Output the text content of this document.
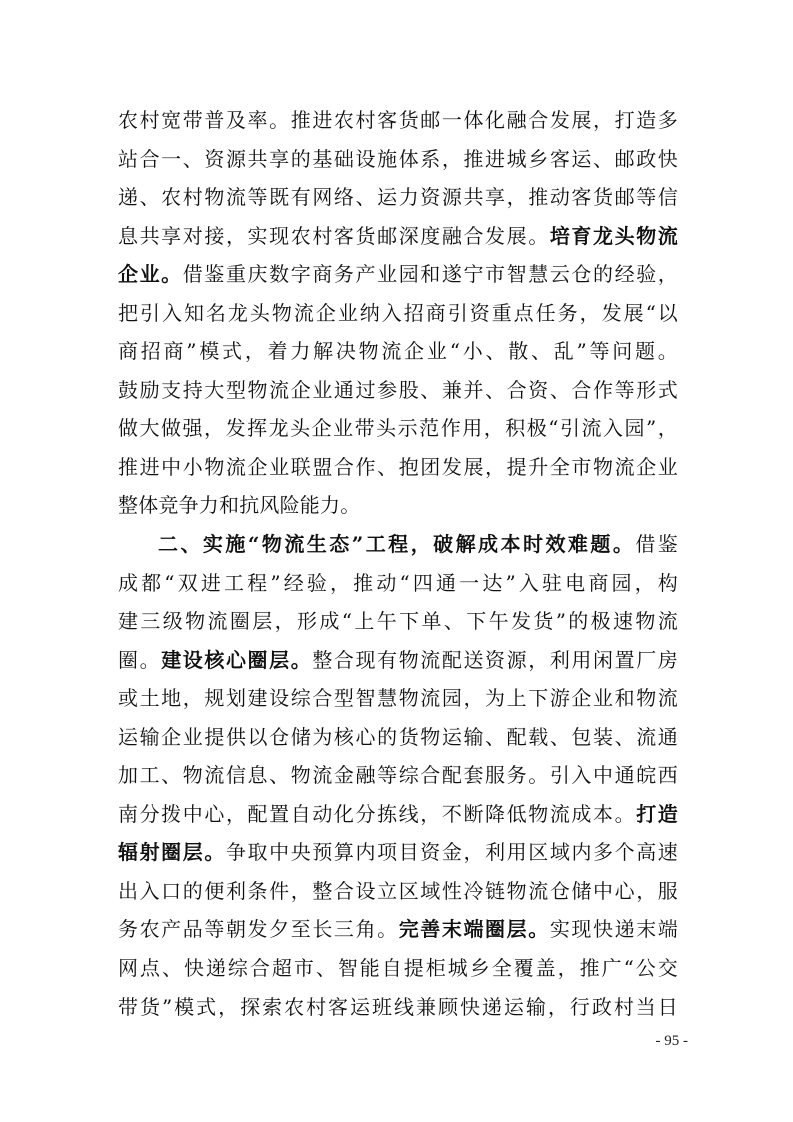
农村宽带普及率。推进农村客货邮一体化融合发展，打造多
站合一、资源共享的基础设施体系，推进城乡客运、邮政快
递、农村物流等既有网络、运力资源共享，推动客货邮等信
息共享对接，实现农村客货邮深度融合发展。培育龙头物流
企业。借鉴重庆数字商务产业园和遂宁市智慧云仓的经验，
把引入知名龙头物流企业纳入招商引资重点任务，发展“以
商招商”模式，着力解决物流企业“小、散、乱”等问题。
鼓励支持大型物流企业通过参股、兼并、合资、合作等形式
做大做强，发挥龙头企业带头示范作用，积极“引流入园”，
推进中小物流企业联盟合作、抱团发展，提升全市物流企业
整体竞争力和抗风险能力。
二、实施“物流生态”工程，破解成本时效难题。借鉴
成都“双进工程”经验，推动“四通一达”入驻电商园，构
建三级物流圈层，形成“上午下单、下午发货”的极速物流
圈。建设核心圈层。整合现有物流配送资源，利用闲置厂房
或土地，规划建设综合型智慧物流园，为上下游企业和物流
运输企业提供以仓储为核心的货物运输、配载、包装、流通
加工、物流信息、物流金融等综合配套服务。引入中通皖西
南分拨中心，配置自动化分拣线，不断降低物流成本。打造
辐射圈层。争取中央预算内项目资金，利用区域内多个高速
出入口的便利条件，整合设立区域性冷链物流仓储中心，服
务农产品等朝发夕至长三角。完善末端圈层。实现快递末端
网点、快递综合超市、智能自提柜城乡全覆盖，推广“公交
带货”模式，探索农村客运班线兼顾快递运输，行政村当日
- 95 -
